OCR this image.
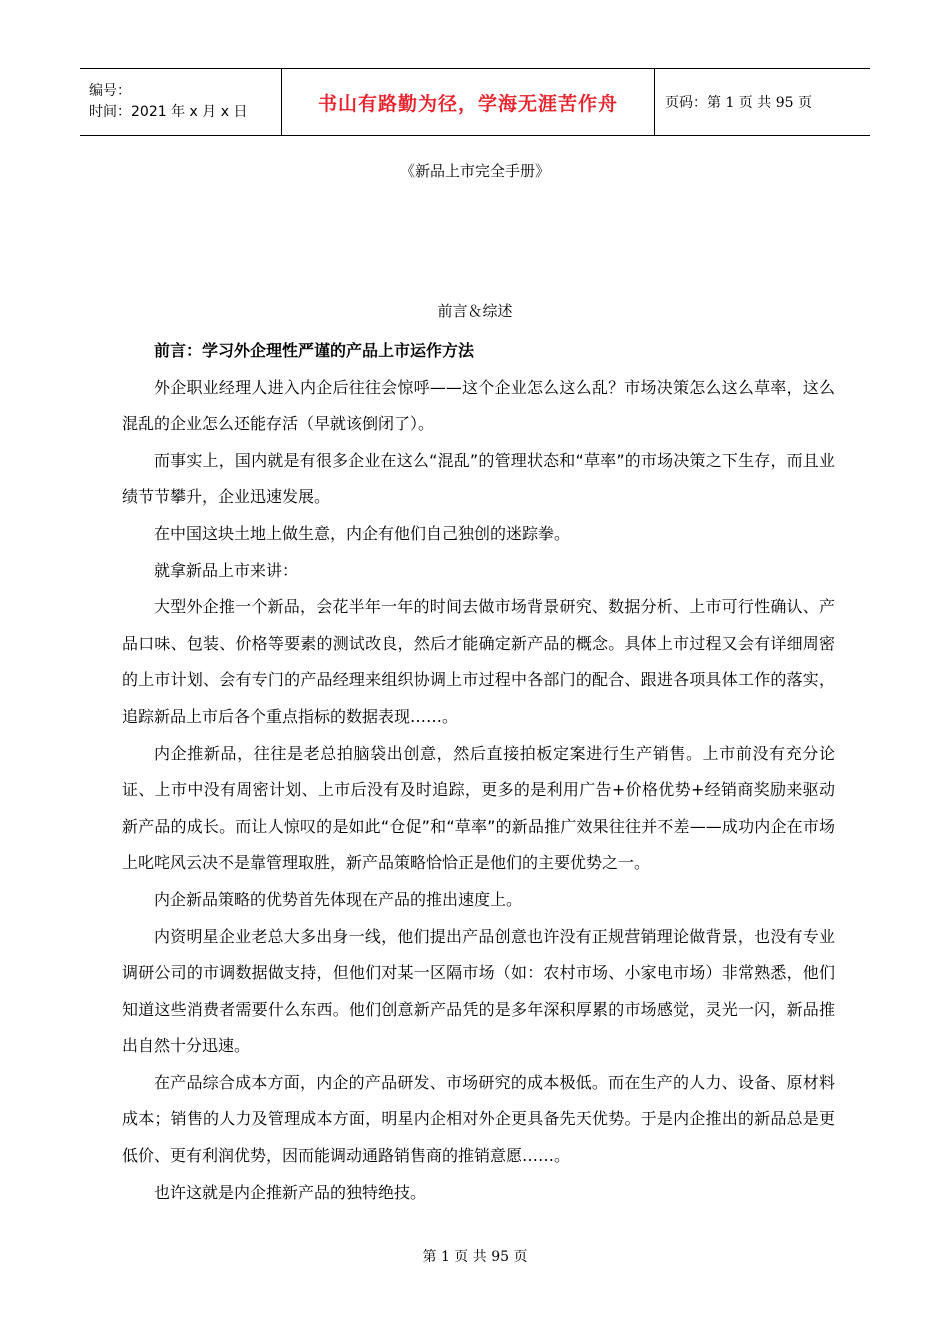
编号：
时间：2021 年 x 月 x 日	书山有路勤为径，学海无涯苦作舟	页码：第 1 页 共 95 页
《新品上市完全手册》
前言＆综述

前言：学习外企理性严谨的产品上市运作方法

外企职业经理人进入内企后往往会惊呼——这个企业怎么这么乱？市场决策怎么这么草率，这么混乱的企业怎么还能存活（早就该倒闭了）。

而事实上，国内就是有很多企业在这么“混乱”的管理状态和“草率”的市场决策之下生存，而且业绩节节攀升，企业迅速发展。

在中国这块土地上做生意，内企有他们自己独创的迷踪拳。

就拿新品上市来讲：

大型外企推一个新品，会花半年一年的时间去做市场背景研究、数据分析、上市可行性确认、产品口味、包装、价格等要素的测试改良，然后才能确定新产品的概念。具体上市过程又会有详细周密的上市计划、会有专门的产品经理来组织协调上市过程中各部门的配合、跟进各项具体工作的落实，追踪新品上市后各个重点指标的数据表现……。

内企推新品，往往是老总拍脑袋出创意，然后直接拍板定案进行生产销售。上市前没有充分论证、上市中没有周密计划、上市后没有及时追踪，更多的是利用广告+价格优势+经销商奖励来驱动新产品的成长。而让人惊叹的是如此“仓促”和“草率”的新品推广效果往往并不差——成功内企在市场上叱咤风云决不是靠管理取胜，新产品策略恰恰正是他们的主要优势之一。

内企新品策略的优势首先体现在产品的推出速度上。

内资明星企业老总大多出身一线，他们提出产品创意也许没有正规营销理论做背景，也没有专业调研公司的市调数据做支持，但他们对某一区隔市场（如：农村市场、小家电市场）非常熟悉，他们知道这些消费者需要什么东西。他们创意新产品凭的是多年深积厚累的市场感觉，灵光一闪，新品推出自然十分迅速。

在产品综合成本方面，内企的产品研发、市场研究的成本极低。而在生产的人力、设备、原材料成本；销售的人力及管理成本方面，明星内企相对外企更具备先天优势。于是内企推出的新品总是更低价、更有利润优势，因而能调动通路销售商的推销意愿……。

也许这就是内企推新产品的独特绝技。

第 1 页 共 95 页
